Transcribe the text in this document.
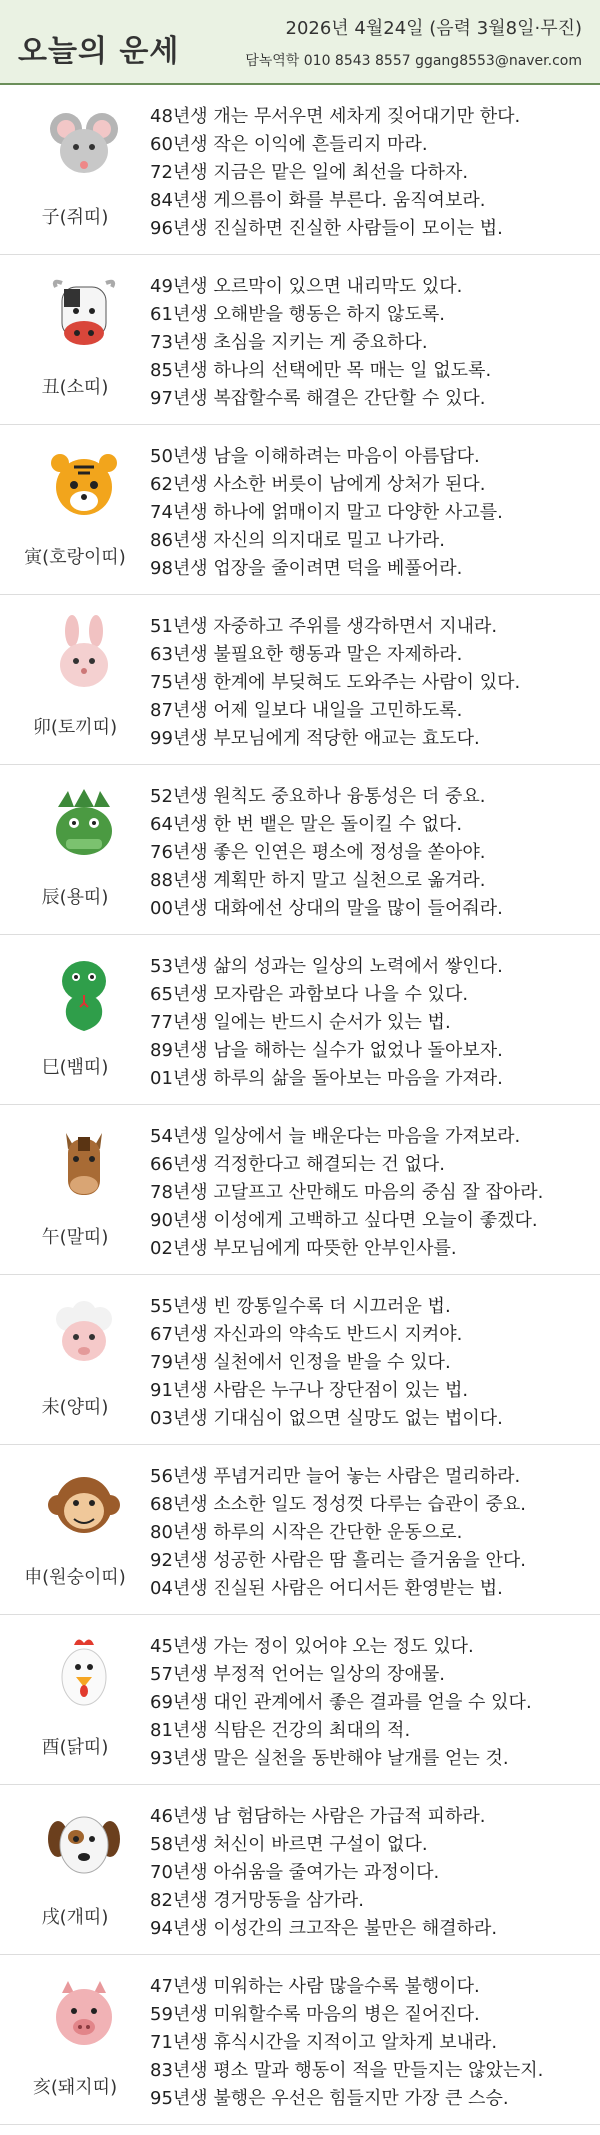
오늘의 운세
2026년 4월24일 (음력 3월8일·무진)
담녹역학 010 8543 8557 ggang8553@naver.com
子(쥐띠)
48년생 개는 무서우면 세차게 짖어대기만 한다.
60년생 작은 이익에 흔들리지 마라.
72년생 지금은 맡은 일에 최선을 다하자.
84년생 게으름이 화를 부른다. 움직여보라.
96년생 진실하면 진실한 사람들이 모이는 법.
丑(소띠)
49년생 오르막이 있으면 내리막도 있다.
61년생 오해받을 행동은 하지 않도록.
73년생 초심을 지키는 게 중요하다.
85년생 하나의 선택에만 목 매는 일 없도록.
97년생 복잡할수록 해결은 간단할 수 있다.
寅(호랑이띠)
50년생 남을 이해하려는 마음이 아름답다.
62년생 사소한 버릇이 남에게 상처가 된다.
74년생 하나에 얽매이지 말고 다양한 사고를.
86년생 자신의 의지대로 밀고 나가라.
98년생 업장을 줄이려면 덕을 베풀어라.
卯(토끼띠)
51년생 자중하고 주위를 생각하면서 지내라.
63년생 불필요한 행동과 말은 자제하라.
75년생 한계에 부딪혀도 도와주는 사람이 있다.
87년생 어제 일보다 내일을 고민하도록.
99년생 부모님에게 적당한 애교는 효도다.
辰(용띠)
52년생 원칙도 중요하나 융통성은 더 중요.
64년생 한 번 뱉은 말은 돌이킬 수 없다.
76년생 좋은 인연은 평소에 정성을 쏟아야.
88년생 계획만 하지 말고 실천으로 옮겨라.
00년생 대화에선 상대의 말을 많이 들어줘라.
巳(뱀띠)
53년생 삶의 성과는 일상의 노력에서 쌓인다.
65년생 모자람은 과함보다 나을 수 있다.
77년생 일에는 반드시 순서가 있는 법.
89년생 남을 해하는 실수가 없었나 돌아보자.
01년생 하루의 삶을 돌아보는 마음을 가져라.
午(말띠)
54년생 일상에서 늘 배운다는 마음을 가져보라.
66년생 걱정한다고 해결되는 건 없다.
78년생 고달프고 산만해도 마음의 중심 잘 잡아라.
90년생 이성에게 고백하고 싶다면 오늘이 좋겠다.
02년생 부모님에게 따뜻한 안부인사를.
未(양띠)
55년생 빈 깡통일수록 더 시끄러운 법.
67년생 자신과의 약속도 반드시 지켜야.
79년생 실천에서 인정을 받을 수 있다.
91년생 사람은 누구나 장단점이 있는 법.
03년생 기대심이 없으면 실망도 없는 법이다.
申(원숭이띠)
56년생 푸념거리만 늘어 놓는 사람은 멀리하라.
68년생 소소한 일도 정성껏 다루는 습관이 중요.
80년생 하루의 시작은 간단한 운동으로.
92년생 성공한 사람은 땀 흘리는 즐거움을 안다.
04년생 진실된 사람은 어디서든 환영받는 법.
酉(닭띠)
45년생 가는 정이 있어야 오는 정도 있다.
57년생 부정적 언어는 일상의 장애물.
69년생 대인 관계에서 좋은 결과를 얻을 수 있다.
81년생 식탐은 건강의 최대의 적.
93년생 말은 실천을 동반해야 날개를 얻는 것.
戌(개띠)
46년생 남 험담하는 사람은 가급적 피하라.
58년생 처신이 바르면 구설이 없다.
70년생 아쉬움을 줄여가는 과정이다.
82년생 경거망동을 삼가라.
94년생 이성간의 크고작은 불만은 해결하라.
亥(돼지띠)
47년생 미워하는 사람 많을수록 불행이다.
59년생 미워할수록 마음의 병은 짙어진다.
71년생 휴식시간을 지적이고 알차게 보내라.
83년생 평소 말과 행동이 적을 만들지는 않았는지.
95년생 불행은 우선은 힘들지만 가장 큰 스승.
